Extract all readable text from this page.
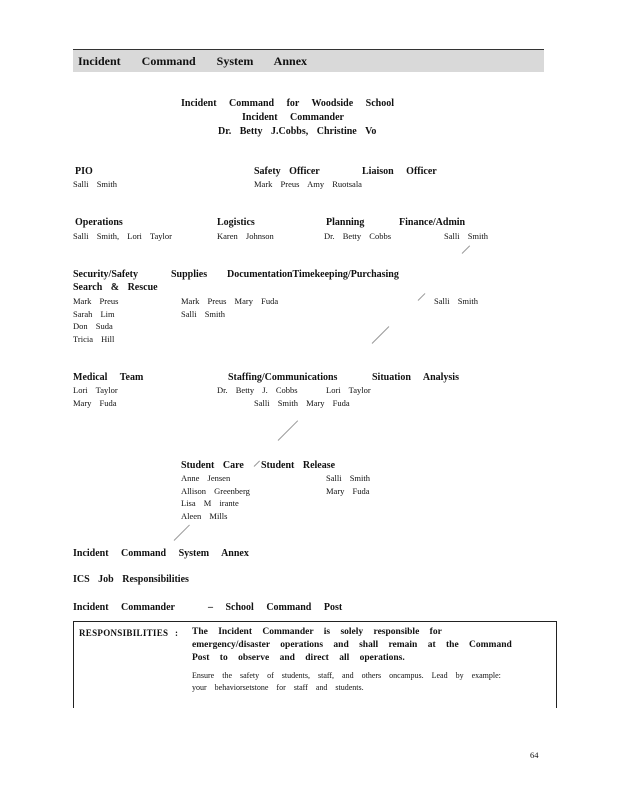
Incident Command System Annex
Incident Command for Woodside School
Incident Commander
Dr. Betty J.Cobbs, Christine Vo
PIO
Salli Smith
Safety Officer
Mark Preus Amy Ruotsala
Liaison Officer
Operations
Salli Smith, Lori Taylor
Logistics
Karen Johnson
Planning
Dr. Betty Cobbs
Finance/Admin
Salli Smith
Security/Safety
Search & Rescue
Mark Preus
Sarah Lim
Don Suda
Tricia Hill
Supplies
Mark Preus Mary Fuda
Salli Smith
DocumentationTimekeeping/Purchasing
Salli Smith
Medical Team
Lori Taylor
Mary Fuda
Staffing/Communications
Dr. Betty J. Cobbs	Lori Taylor
Salli Smith Mary Fuda
Situation Analysis
Student Care
Anne Jensen
Allison Greenberg
Lisa M irante
Aleen Mills
Student Release
Salli Smith
Mary Fuda
Incident Command System Annex
ICS Job Responsibilities
Incident Commander	– School Command Post
RESPONSIBILITIES : The Incident Commander is solely responsible for emergency/disaster operations and shall remain at the Command Post to observe and direct all operations.
Ensure the safety of students, staff, and others oncampus. Lead by example: your behaviorsetstone for staff and students.
64
